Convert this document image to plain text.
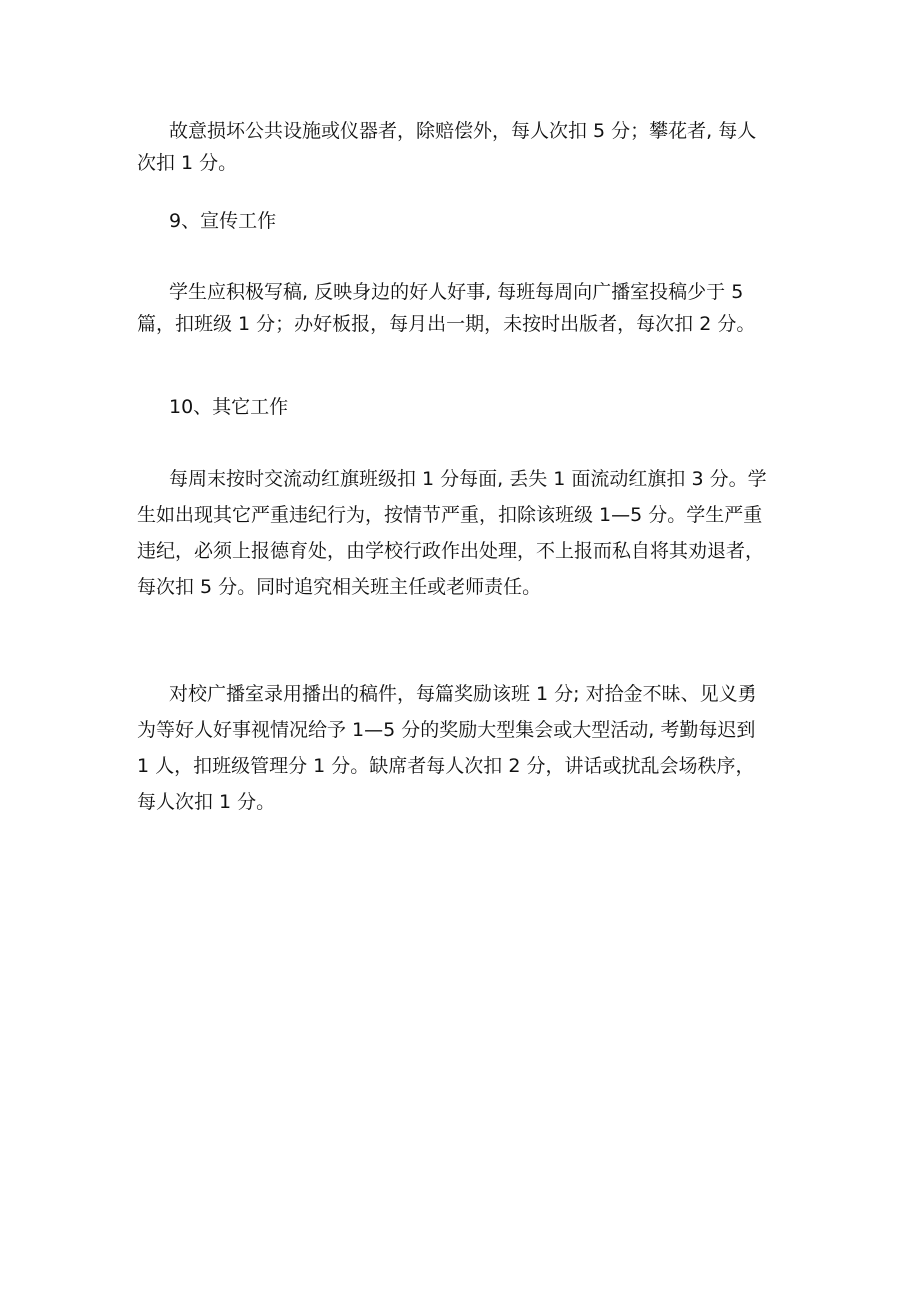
故意损坏公共设施或仪器者，除赔偿外，每人次扣 5 分；攀花者, 每人
次扣 1 分。
9、宣传工作
学生应积极写稿, 反映身边的好人好事, 每班每周向广播室投稿少于 5
篇，扣班级 1 分；办好板报，每月出一期，未按时出版者，每次扣 2 分。
10、其它工作
每周末按时交流动红旗班级扣 1 分每面, 丢失 1 面流动红旗扣 3 分。学
生如出现其它严重违纪行为，按情节严重，扣除该班级 1—5 分。学生严重
违纪，必须上报德育处，由学校行政作出处理，不上报而私自将其劝退者，
每次扣 5 分。同时追究相关班主任或老师责任。
对校广播室录用播出的稿件，每篇奖励该班 1 分; 对拾金不昧、见义勇
为等好人好事视情况给予 1—5 分的奖励大型集会或大型活动, 考勤每迟到
1 人，扣班级管理分 1 分。缺席者每人次扣 2 分，讲话或扰乱会场秩序，
每人次扣 1 分。
